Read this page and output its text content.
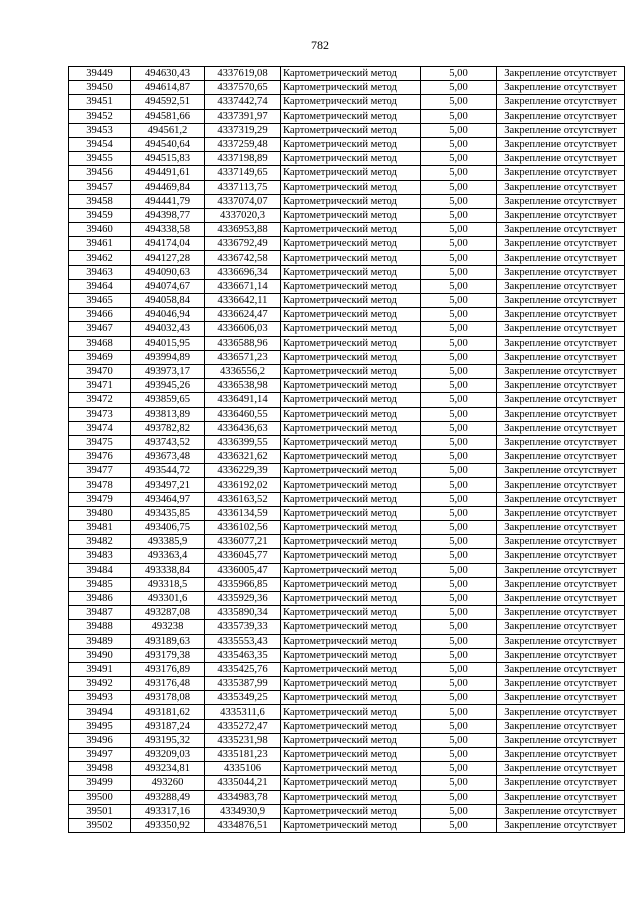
782
39449	494630,43	4337619,08	Картометрический метод	5,00	Закрепление отсутствует
39450	494614,87	4337570,65	Картометрический метод	5,00	Закрепление отсутствует
39451	494592,51	4337442,74	Картометрический метод	5,00	Закрепление отсутствует
39452	494581,66	4337391,97	Картометрический метод	5,00	Закрепление отсутствует
39453	494561,2	4337319,29	Картометрический метод	5,00	Закрепление отсутствует
39454	494540,64	4337259,48	Картометрический метод	5,00	Закрепление отсутствует
39455	494515,83	4337198,89	Картометрический метод	5,00	Закрепление отсутствует
39456	494491,61	4337149,65	Картометрический метод	5,00	Закрепление отсутствует
39457	494469,84	4337113,75	Картометрический метод	5,00	Закрепление отсутствует
39458	494441,79	4337074,07	Картометрический метод	5,00	Закрепление отсутствует
39459	494398,77	4337020,3	Картометрический метод	5,00	Закрепление отсутствует
39460	494338,58	4336953,88	Картометрический метод	5,00	Закрепление отсутствует
39461	494174,04	4336792,49	Картометрический метод	5,00	Закрепление отсутствует
39462	494127,28	4336742,58	Картометрический метод	5,00	Закрепление отсутствует
39463	494090,63	4336696,34	Картометрический метод	5,00	Закрепление отсутствует
39464	494074,67	4336671,14	Картометрический метод	5,00	Закрепление отсутствует
39465	494058,84	4336642,11	Картометрический метод	5,00	Закрепление отсутствует
39466	494046,94	4336624,47	Картометрический метод	5,00	Закрепление отсутствует
39467	494032,43	4336606,03	Картометрический метод	5,00	Закрепление отсутствует
39468	494015,95	4336588,96	Картометрический метод	5,00	Закрепление отсутствует
39469	493994,89	4336571,23	Картометрический метод	5,00	Закрепление отсутствует
39470	493973,17	4336556,2	Картометрический метод	5,00	Закрепление отсутствует
39471	493945,26	4336538,98	Картометрический метод	5,00	Закрепление отсутствует
39472	493859,65	4336491,14	Картометрический метод	5,00	Закрепление отсутствует
39473	493813,89	4336460,55	Картометрический метод	5,00	Закрепление отсутствует
39474	493782,82	4336436,63	Картометрический метод	5,00	Закрепление отсутствует
39475	493743,52	4336399,55	Картометрический метод	5,00	Закрепление отсутствует
39476	493673,48	4336321,62	Картометрический метод	5,00	Закрепление отсутствует
39477	493544,72	4336229,39	Картометрический метод	5,00	Закрепление отсутствует
39478	493497,21	4336192,02	Картометрический метод	5,00	Закрепление отсутствует
39479	493464,97	4336163,52	Картометрический метод	5,00	Закрепление отсутствует
39480	493435,85	4336134,59	Картометрический метод	5,00	Закрепление отсутствует
39481	493406,75	4336102,56	Картометрический метод	5,00	Закрепление отсутствует
39482	493385,9	4336077,21	Картометрический метод	5,00	Закрепление отсутствует
39483	493363,4	4336045,77	Картометрический метод	5,00	Закрепление отсутствует
39484	493338,84	4336005,47	Картометрический метод	5,00	Закрепление отсутствует
39485	493318,5	4335966,85	Картометрический метод	5,00	Закрепление отсутствует
39486	493301,6	4335929,36	Картометрический метод	5,00	Закрепление отсутствует
39487	493287,08	4335890,34	Картометрический метод	5,00	Закрепление отсутствует
39488	493238	4335739,33	Картометрический метод	5,00	Закрепление отсутствует
39489	493189,63	4335553,43	Картометрический метод	5,00	Закрепление отсутствует
39490	493179,38	4335463,35	Картометрический метод	5,00	Закрепление отсутствует
39491	493176,89	4335425,76	Картометрический метод	5,00	Закрепление отсутствует
39492	493176,48	4335387,99	Картометрический метод	5,00	Закрепление отсутствует
39493	493178,08	4335349,25	Картометрический метод	5,00	Закрепление отсутствует
39494	493181,62	4335311,6	Картометрический метод	5,00	Закрепление отсутствует
39495	493187,24	4335272,47	Картометрический метод	5,00	Закрепление отсутствует
39496	493195,32	4335231,98	Картометрический метод	5,00	Закрепление отсутствует
39497	493209,03	4335181,23	Картометрический метод	5,00	Закрепление отсутствует
39498	493234,81	4335106	Картометрический метод	5,00	Закрепление отсутствует
39499	493260	4335044,21	Картометрический метод	5,00	Закрепление отсутствует
39500	493288,49	4334983,78	Картометрический метод	5,00	Закрепление отсутствует
39501	493317,16	4334930,9	Картометрический метод	5,00	Закрепление отсутствует
39502	493350,92	4334876,51	Картометрический метод	5,00	Закрепление отсутствует
